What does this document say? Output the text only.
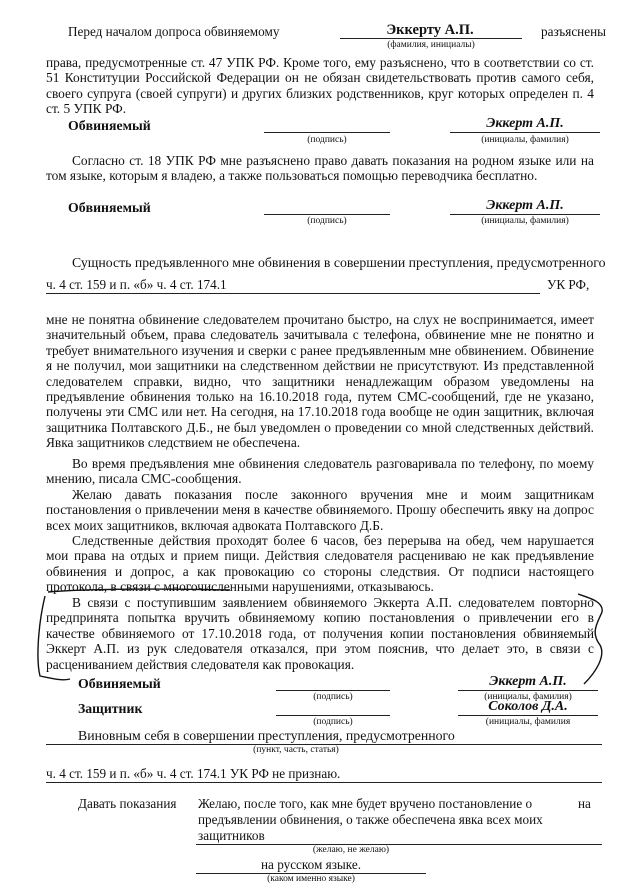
Перед началом допроса обвиняемому	Эккерту А.П.	разъяснены
(фамилия, инициалы)
права, предусмотренные ст. 47 УПК РФ. Кроме того, ему разъяснено, что в соответствии со ст. 51 Конституции Российской Федерации он не обязан свидетельствовать против самого себя, своего супруга (своей супруги) и других близких родственников, круг которых определен п. 4 ст. 5 УПК РФ.
Обвиняемый
(подпись)
Эккерт А.П.
(инициалы, фамилия)
Согласно ст. 18 УПК РФ мне разъяснено право давать показания на родном языке или на том языке, которым я владею, а также пользоваться помощью переводчика бесплатно.
Обвиняемый
(подпись)
Эккерт А.П.
(инициалы, фамилия)
Сущность предъявленного мне обвинения в совершении преступления, предусмотренного
ч. 4 ст. 159 и п. «б» ч. 4 ст. 174.1	УК РФ,
мне не понятна обвинение следователем прочитано быстро, на слух не воспринимается, имеет значительный объем, права следователь зачитывала с телефона, обвинение мне не понятно и требует внимательного изучения и сверки с ранее предъявленным мне обвинением. Обвинение я не получил, мои защитники на следственном действии не присутствуют. Из представленной следователем справки, видно, что защитники ненадлежащим образом уведомлены на предъявление обвинения только на 16.10.2018 года, путем СМС-сообщений, где не указано, получены эти СМС или нет. На сегодня, на 17.10.2018 года вообще не один защитник, включая защитника Полтавского Д.Б., не был уведомлен о проведении со мной следственных действий. Явка защитников следствием не обеспечена.
Во время предъявления мне обвинения следователь разговаривала по телефону, по моему мнению, писала СМС-сообщения.
Желаю давать показания после законного вручения мне и моим защитникам постановления о привлечении меня в качестве обвиняемого. Прошу обеспечить явку на допрос всех моих защитников, включая адвоката Полтавского Д.Б.
Следственные действия проходят более 6 часов, без перерыва на обед, чем нарушается мои права на отдых и прием пищи. Действия следователя расцениваю не как предъявление обвинения и допрос, а как провокацию со стороны следствия. От подписи настоящего протокола, в связи с многочисленными нарушениями, отказываюсь.
В связи с поступившим заявлением обвиняемого Эккерта А.П. следователем повторно предпринята попытка вручить обвиняемому копию постановления о привлечении его в качестве обвиняемого от 17.10.2018 года, от получения копии постановления обвиняемый Эккерт А.П. из рук следователя отказался, при этом пояснив, что делает это, в связи с расцениванием действия следователя как провокация.
Обвиняемый
(подпись)
Эккерт А.П.
(инициалы, фамилия)
Защитник
(подпись)
Соколов Д.А.
(инициалы, фамилия
Виновным себя в совершении преступления, предусмотренного
(пункт, часть, статья)
ч. 4 ст. 159 и п. «б» ч. 4 ст. 174.1 УК РФ не признаю.
Давать показания Желаю, после того, как мне будет вручено постановление о предъявлении обвинения, о также обеспечена явка всех моих защитников
на
(желаю, не желаю)
на русском языке.
(каком именно языке)
